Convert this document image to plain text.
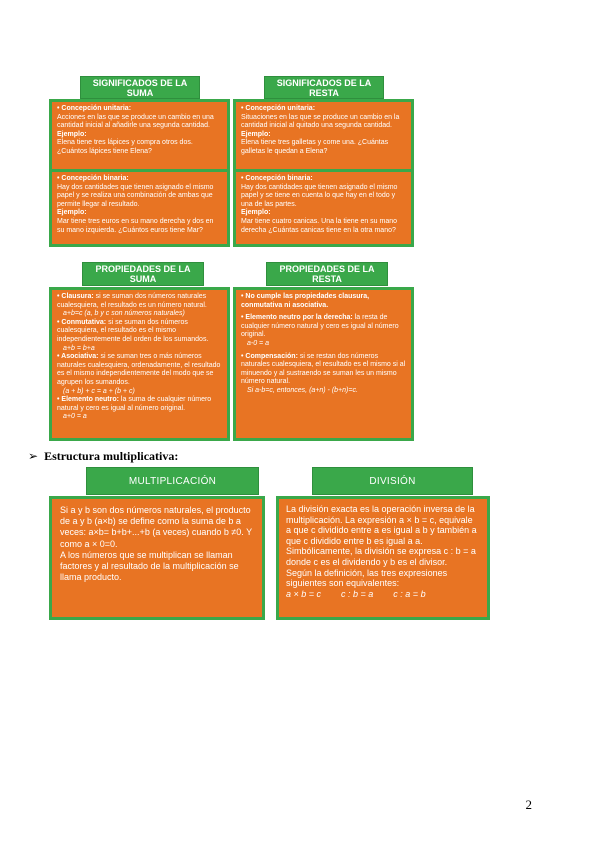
SIGNIFICADOS DE LA SUMA

• Concepción unitaria:

Acciones en las que se produce un cambio en una cantidad inicial al añadirle una segunda cantidad.

Ejemplo:

Elena tiene tres lápices y compra otros dos. ¿Cuántos lápices tiene Elena?

• Concepción binaria:

Hay dos cantidades que tienen asignado el mismo papel y se realiza una combinación de ambas que permite llegar al resultado.

Ejemplo:

Mar tiene tres euros en su mano derecha y dos en su mano izquierda. ¿Cuántos euros tiene Mar?

SIGNIFICADOS DE LA RESTA

• Concepción unitaria:

Situaciones en las que se produce un cambio en la cantidad inicial al quitado una segunda cantidad.

Ejemplo:

Elena tiene tres galletas y come una. ¿Cuántas galletas le quedan a Elena?

• Concepción binaria:

Hay dos cantidades que tienen asignado el mismo papel y se tiene en cuenta lo que hay en el todo y una de las partes.

Ejemplo:

Mar tiene cuatro canicas. Una la tiene en su mano derecha ¿Cuántas canicas tiene en la otra mano?

PROPIEDADES DE LA SUMA

• Clausura: si se suman dos números naturales cualesquiera, el resultado es un número natural.

a+b=c (a, b y c son números naturales)

• Conmutativa: si se suman dos números cualesquiera, el resultado es el mismo independientemente del orden de los sumandos.

a+b = b+a

• Asociativa: si se suman tres o más números naturales cualesquiera, ordenadamente, el resultado es el mismo independientemente del modo que se agrupen los sumandos.

(a + b) + c = a + (b + c)

• Elemento neutro: la suma de cualquier número natural y cero es igual al número original.

a+0 = a

PROPIEDADES DE LA RESTA

• No cumple las propiedades clausura, conmutativa ni asociativa.

• Elemento neutro por la derecha: la resta de cualquier número natural y cero es igual al número original.

a-0 = a

• Compensación: si se restan dos números naturales cualesquiera, el resultado es el mismo si al minuendo y al sustraendo se suman les un mismo número natural.

Si a-b=c, entonces, (a+n) - (b+n)=c.

➢ Estructura multiplicativa:
MULTIPLICACIÓN

Si a y b son dos números naturales, el producto de a y b (a×b) se define como la suma de b a veces: a×b= b+b+...+b (a veces) cuando b ≠0. Y como a × 0=0.

A los números que se multiplican se llaman factores y al resultado de la multiplicación se llama producto.

DIVISIÓN

La división exacta es la operación inversa de la multiplicación. La expresión a × b = c, equivale a que c dividido entre a es igual a b y también a que c dividido entre b es igual a a.

Simbólicamente, la división se expresa c : b = a donde c es el dividendo y b es el divisor.

Según la definición, las tres expresiones siguientes son equivalentes:

a × b = c        c : b = a        c : a = b

2
